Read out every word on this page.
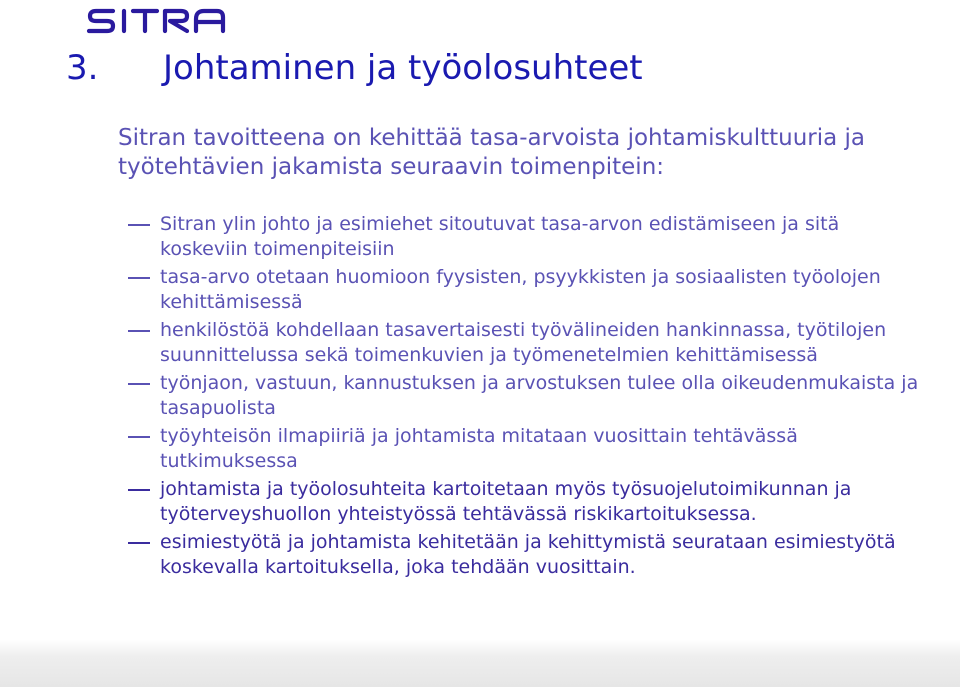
3. Johtaminen ja työolosuhteet

Sitran tavoitteena on kehittää tasa-arvoista johtamiskulttuuria ja työtehtävien jakamista seuraavin toimenpitein:

Sitran ylin johto ja esimiehet sitoutuvat tasa-arvon edistämiseen ja sitä koskeviin toimenpiteisiin
tasa-arvo otetaan huomioon fyysisten, psyykkisten ja sosiaalisten työolojen kehittämisessä
henkilöstöä kohdellaan tasavertaisesti työvälineiden hankinnassa, työtilojen suunnittelussa sekä toimenkuvien ja työmenetelmien kehittämisessä
työnjaon, vastuun, kannustuksen ja arvostuksen tulee olla oikeudenmukaista ja tasapuolista
työyhteisön ilmapiiriä ja johtamista mitataan vuosittain tehtävässä tutkimuksessa
johtamista ja työolosuhteita kartoitetaan myös työsuojelutoimikunnan ja työterveyshuollon yhteistyössä tehtävässä riskikartoituksessa.
esimiestyötä ja johtamista kehitetään ja kehittymistä seurataan esimiestyötä koskevalla kartoituksella, joka tehdään vuosittain.
